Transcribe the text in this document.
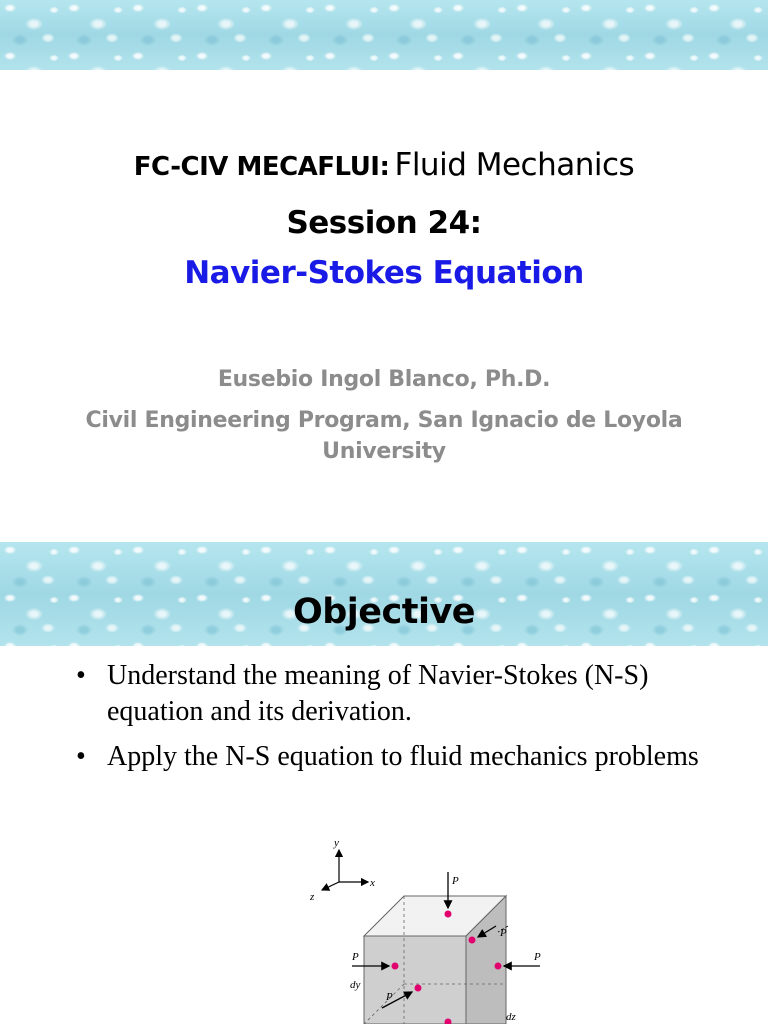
FC-CIV MECAFLUI: Fluid Mechanics
Session 24:
Navier-Stokes Equation
Eusebio Ingol Blanco, Ph.D.
Civil Engineering Program, San Ignacio de Loyola University
Objective
• Understand the meaning of Navier-Stokes (N-S) equation and its derivation.
• Apply the N-S equation to fluid mechanics problems
y
x
z
P
P
P	P
P
dy
dz
